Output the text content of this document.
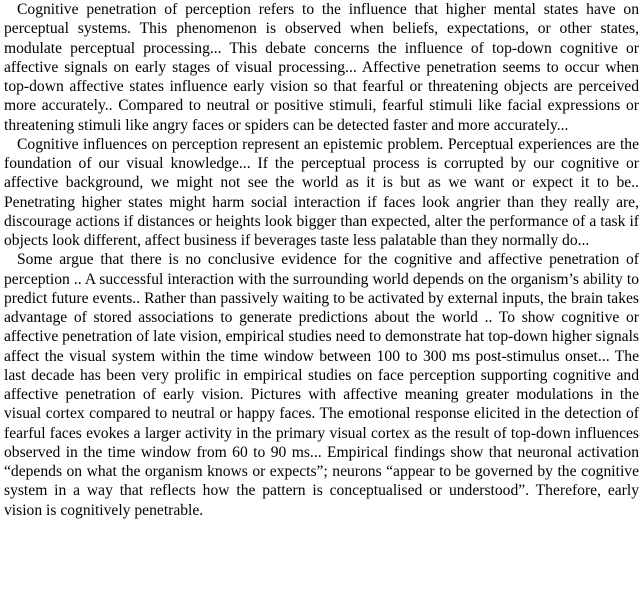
Cognitive penetration of perception refers to the influence that higher mental states have on perceptual systems. This phenomenon is observed when beliefs, expectations, or other states, modulate perceptual processing... This debate concerns the influence of top-down cognitive or affective signals on early stages of visual processing... Affective penetration seems to occur when top-down affective states influence early vision so that fearful or threatening objects are perceived more accurately.. Compared to neutral or positive stimuli, fearful stimuli like facial expressions or threatening stimuli like angry faces or spiders can be detected faster and more accurately...

Cognitive influences on perception represent an epistemic problem. Perceptual experiences are the foundation of our visual knowledge... If the perceptual process is corrupted by our cognitive or affective background, we might not see the world as it is but as we want or expect it to be.. Penetrating higher states might harm social interaction if faces look angrier than they really are, discourage actions if distances or heights look bigger than expected, alter the performance of a task if objects look different, affect business if beverages taste less palatable than they normally do...

Some argue that there is no conclusive evidence for the cognitive and affective penetration of perception .. A successful interaction with the surrounding world depends on the organism’s ability to predict future events.. Rather than passively waiting to be activated by external inputs, the brain takes advantage of stored associations to generate predictions about the world .. To show cognitive or affective penetration of late vision, empirical studies need to demonstrate hat top-down higher signals affect the visual system within the time window between 100 to 300 ms post-stimulus onset... The last decade has been very prolific in empirical studies on face perception supporting cognitive and affective penetration of early vision. Pictures with affective meaning greater modulations in the visual cortex compared to neutral or happy faces. The emotional response elicited in the detection of fearful faces evokes a larger activity in the primary visual cortex as the result of top-down influences observed in the time window from 60 to 90 ms... Empirical findings show that neuronal activation “depends on what the organism knows or expects”; neurons “appear to be governed by the cognitive system in a way that reflects how the pattern is conceptualised or understood”. Therefore, early vision is cognitively penetrable.
